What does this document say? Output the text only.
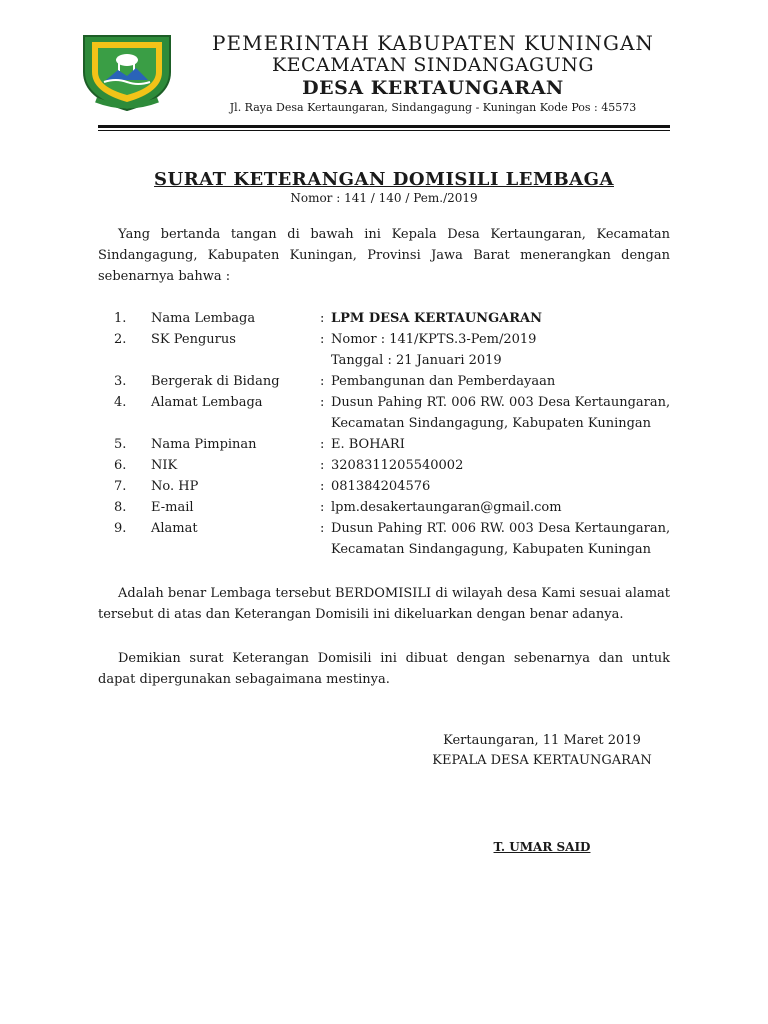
PEMERINTAH KABUPATEN KUNINGAN
KECAMATAN SINDANGAGUNG
DESA KERTAUNGARAN
Jl. Raya Desa Kertaungaran, Sindangagung - Kuningan Kode Pos : 45573
SURAT KETERANGAN DOMISILI LEMBAGA
Nomor : 141 / 140 / Pem./2019
Yang bertanda tangan di bawah ini Kepala Desa Kertaungaran, Kecamatan Sindangagung, Kabupaten Kuningan, Provinsi Jawa Barat menerangkan dengan sebenarnya bahwa :
1. Nama Lembaga	: LPM DESA KERTAUNGARAN
2. SK Pengurus	: Nomor : 141/KPTS.3-Pem/2019
Tanggal : 21 Januari 2019
3. Bergerak di Bidang	: Pembangunan dan Pemberdayaan
4. Alamat Lembaga	: Dusun Pahing RT. 006 RW. 003 Desa Kertaungaran,
Kecamatan Sindangagung, Kabupaten Kuningan
5. Nama Pimpinan	: E. BOHARI
6. NIK	: 3208311205540002
7. No. HP	: 081384204576
8. E-mail	: lpm.desakertaungaran@gmail.com
9. Alamat	: Dusun Pahing RT. 006 RW. 003 Desa Kertaungaran,
Kecamatan Sindangagung, Kabupaten Kuningan
Adalah benar Lembaga tersebut BERDOMISILI di wilayah desa Kami sesuai alamat tersebut di atas dan Keterangan Domisili ini dikeluarkan dengan benar adanya.
Demikian surat Keterangan Domisili ini dibuat dengan sebenarnya dan untuk dapat dipergunakan sebagaimana mestinya.
Kertaungaran, 11 Maret 2019
KEPALA DESA KERTAUNGARAN
T. UMAR SAID
